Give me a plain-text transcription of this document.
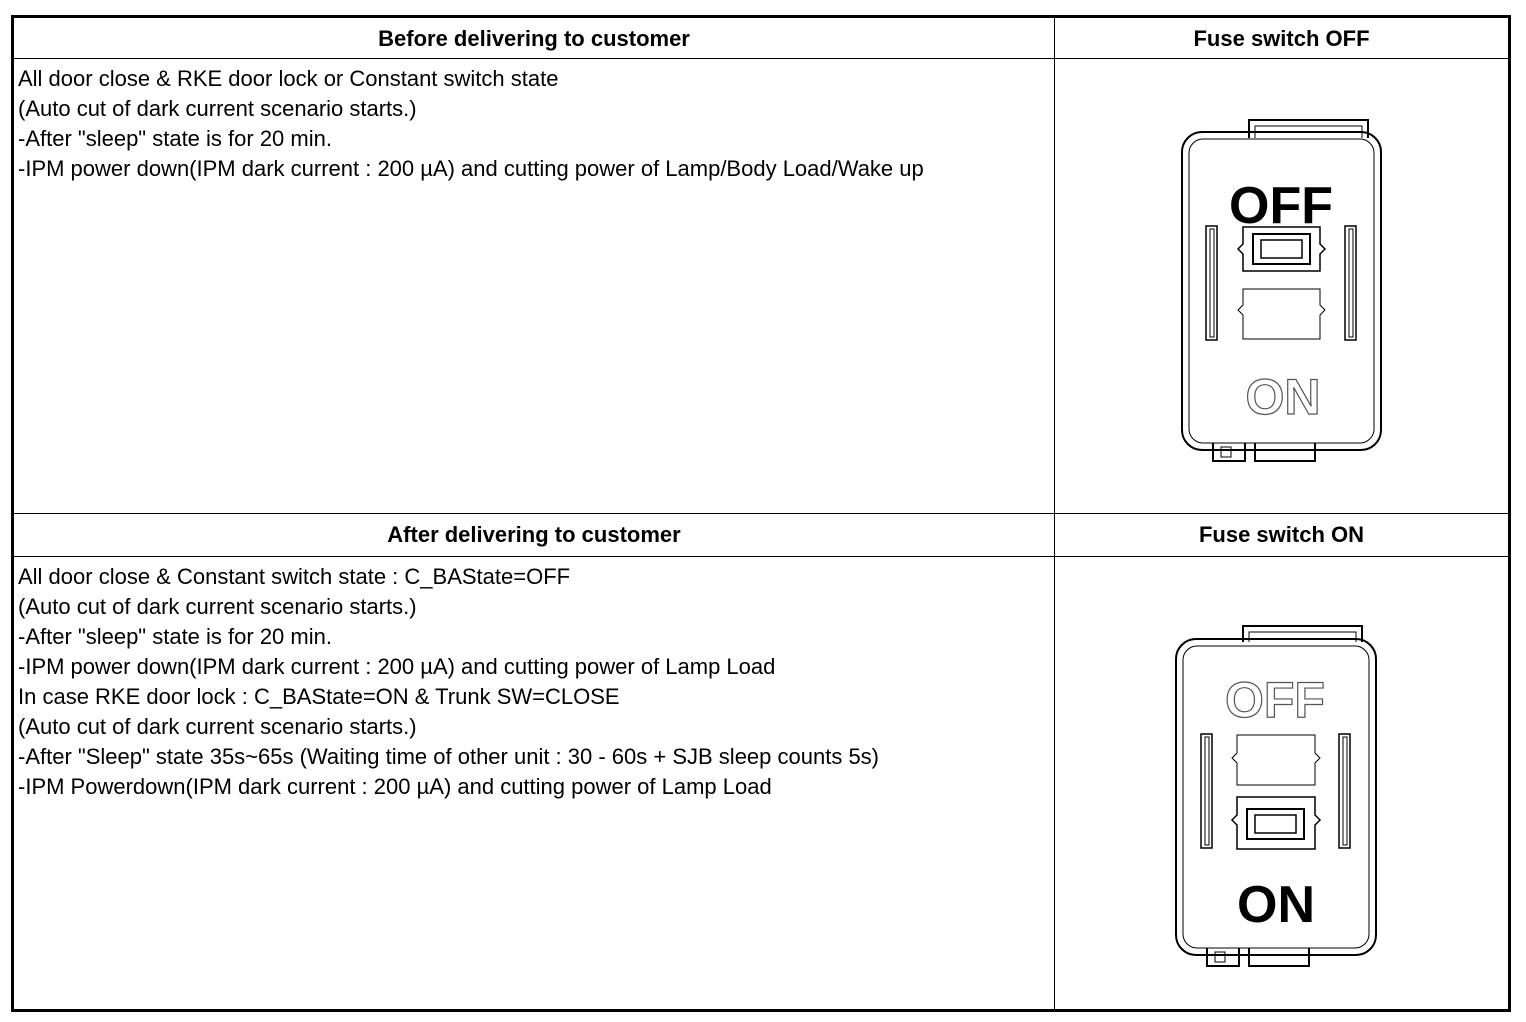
Before delivering to customer	Fuse switch OFF
All door close & RKE door lock or Constant switch state
(Auto cut of dark current scenario starts.)
-After "sleep" state is for 20 min.
-IPM power down(IPM dark current : 200 µA) and cutting power of Lamp/Body Load/Wake up
OFF
ON
After delivering to customer	Fuse switch ON
All door close & Constant switch state : C_BAState=OFF
(Auto cut of dark current scenario starts.)
-After "sleep" state is for 20 min.
-IPM power down(IPM dark current : 200 µA) and cutting power of Lamp Load
In case RKE door lock : C_BAState=ON & Trunk SW=CLOSE
(Auto cut of dark current scenario starts.)
-After "Sleep" state 35s~65s (Waiting time of other unit : 30 - 60s + SJB sleep counts 5s)
-IPM Powerdown(IPM dark current : 200 µA) and cutting power of Lamp Load
OFF
ON
